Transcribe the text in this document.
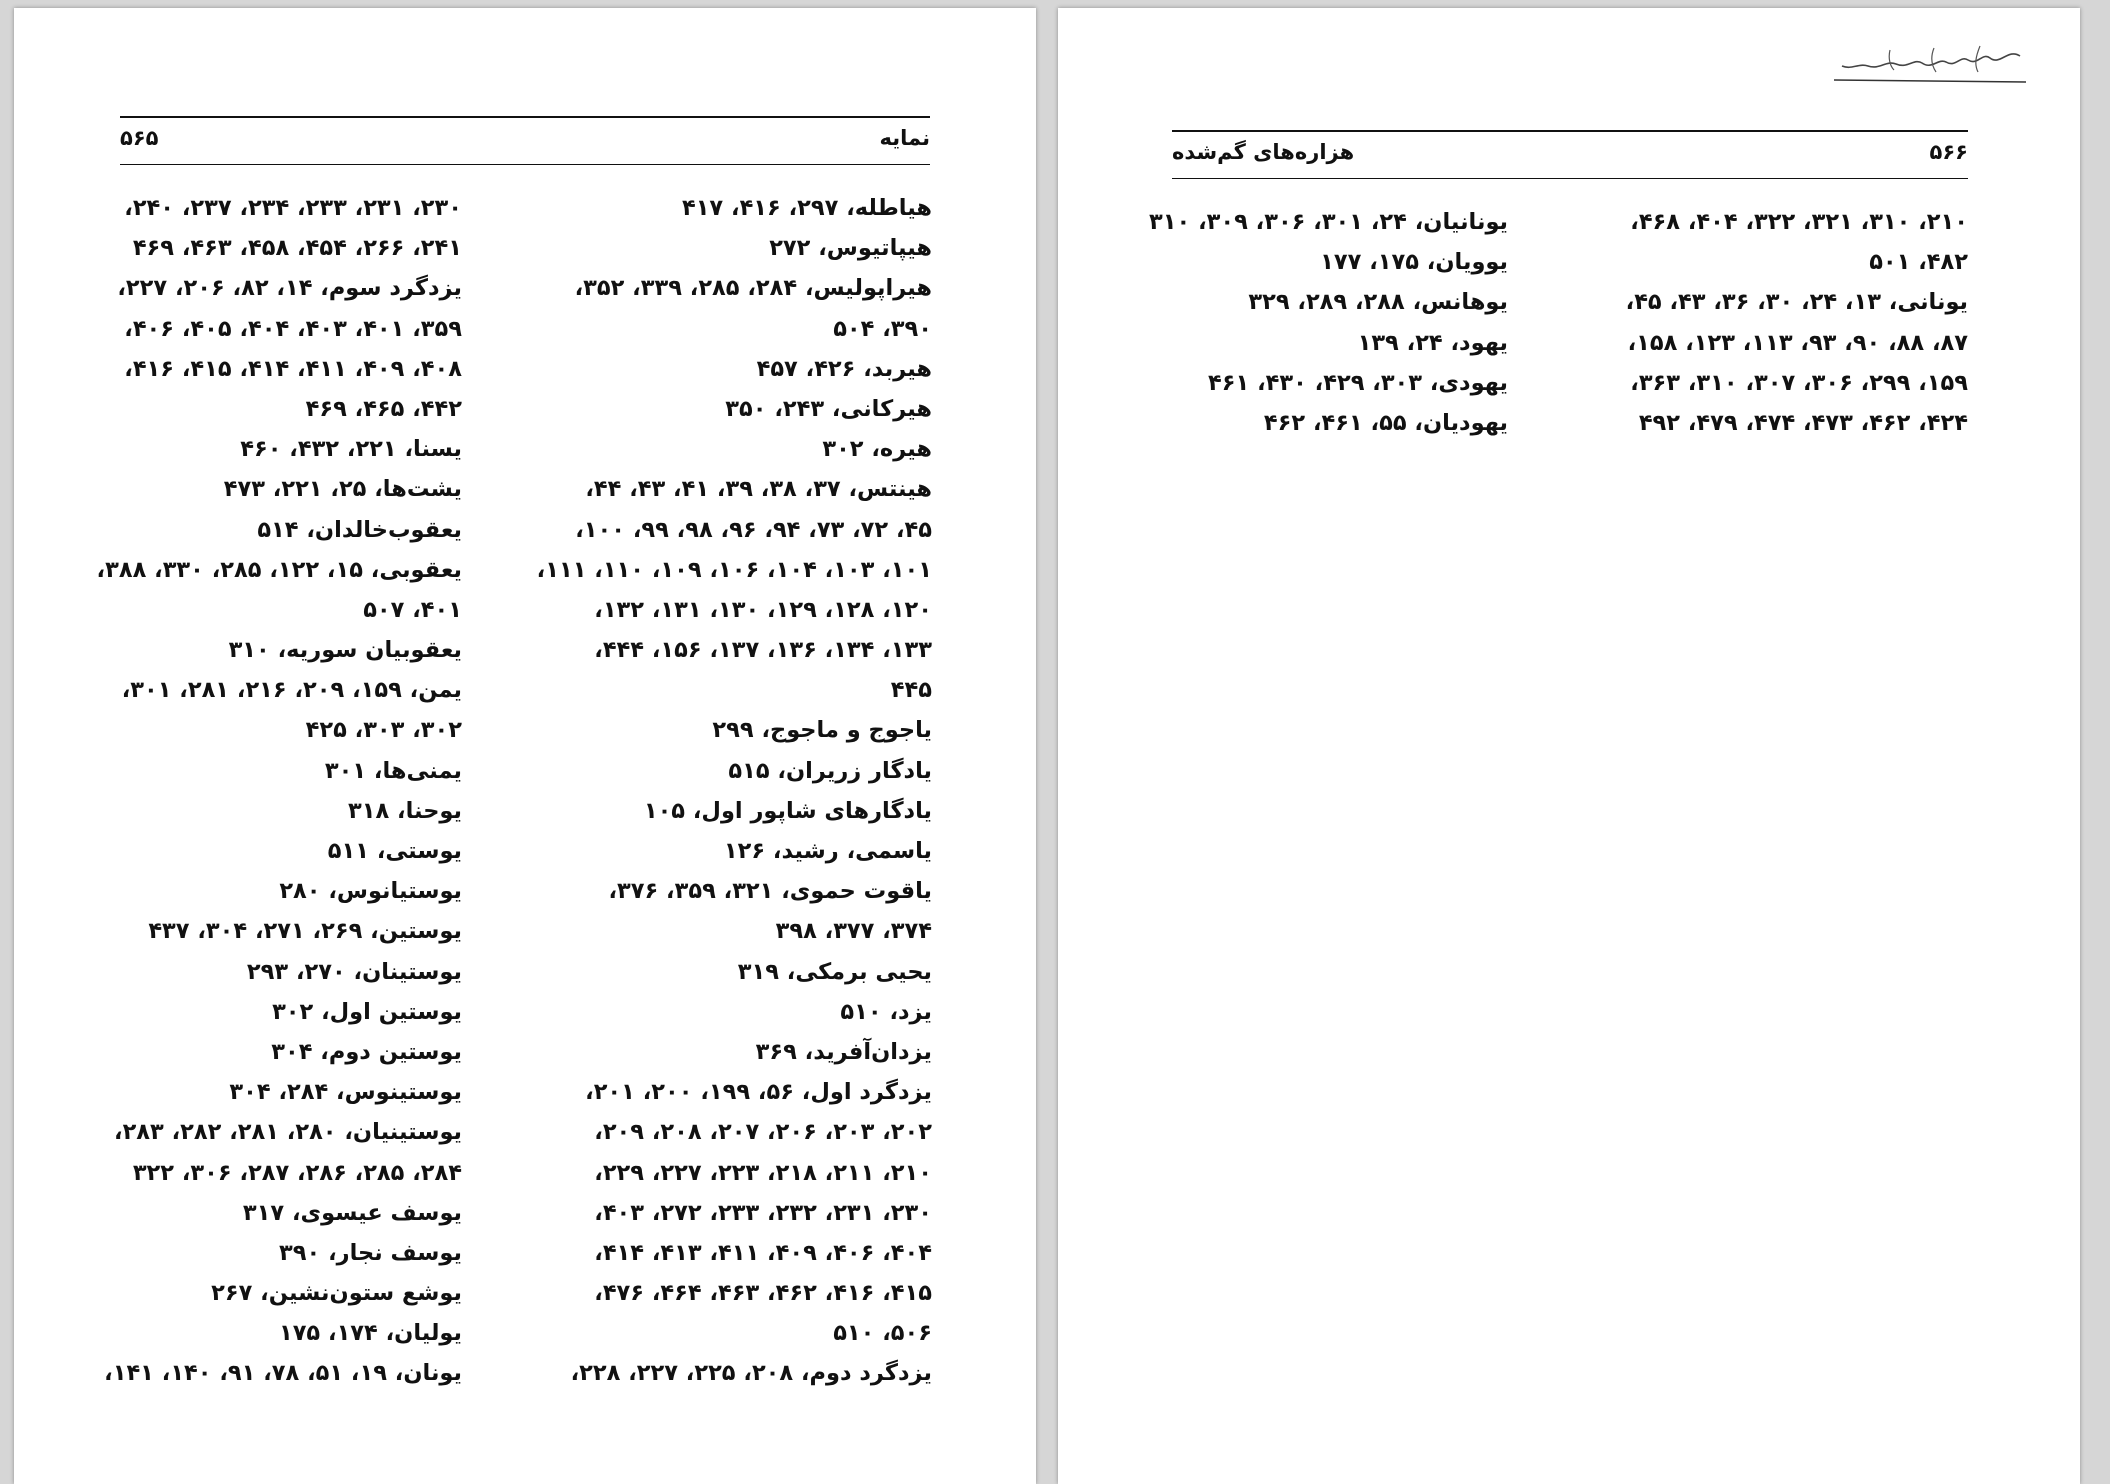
۵۶۵	نمایه
هیاطله، ۲۹۷، ۴۱۶، ۴۱۷
هیپاتیوس، ۲۷۲
هیراپولیس، ۲۸۴، ۲۸۵، ۳۳۹، ۳۵۲،
۳۹۰، ۵۰۴
هیربد، ۴۲۶، ۴۵۷
هیرکانی، ۲۴۳، ۳۵۰
هیره، ۳۰۲
هینتس، ۳۷، ۳۸، ۳۹، ۴۱، ۴۳، ۴۴،
۴۵، ۷۲، ۷۳، ۹۴، ۹۶، ۹۸، ۹۹، ۱۰۰،
۱۰۱، ۱۰۳، ۱۰۴، ۱۰۶، ۱۰۹، ۱۱۰، ۱۱۱،
۱۲۰، ۱۲۸، ۱۲۹، ۱۳۰، ۱۳۱، ۱۳۲،
۱۳۳، ۱۳۴، ۱۳۶، ۱۳۷، ۱۵۶، ۴۴۴،
۴۴۵
یاجوج و ماجوج، ۲۹۹
یادگار زریران، ۵۱۵
یادگارهای شاپور اول، ۱۰۵
یاسمی، رشید، ۱۲۶
یاقوت حموی، ۳۲۱، ۳۵۹، ۳۷۶،
۳۷۴، ۳۷۷، ۳۹۸
یحیی برمکی، ۳۱۹
یزد، ۵۱۰
یزدان‌آفرید، ۳۶۹
یزدگرد اول، ۵۶، ۱۹۹، ۲۰۰، ۲۰۱،
۲۰۲، ۲۰۳، ۲۰۶، ۲۰۷، ۲۰۸، ۲۰۹،
۲۱۰، ۲۱۱، ۲۱۸، ۲۲۳، ۲۲۷، ۲۲۹،
۲۳۰، ۲۳۱، ۲۳۲، ۲۳۳، ۲۷۲، ۴۰۳،
۴۰۴، ۴۰۶، ۴۰۹، ۴۱۱، ۴۱۳، ۴۱۴،
۴۱۵، ۴۱۶، ۴۶۲، ۴۶۳، ۴۶۴، ۴۷۶،
۵۰۶، ۵۱۰
یزدگرد دوم، ۲۰۸، ۲۲۵، ۲۲۷، ۲۲۸،
۲۳۰، ۲۳۱، ۲۳۳، ۲۳۴، ۲۳۷، ۲۴۰،
۲۴۱، ۲۶۶، ۴۵۴، ۴۵۸، ۴۶۳، ۴۶۹
یزدگرد سوم، ۱۴، ۸۲، ۲۰۶، ۲۲۷،
۳۵۹، ۴۰۱، ۴۰۳، ۴۰۴، ۴۰۵، ۴۰۶،
۴۰۸، ۴۰۹، ۴۱۱، ۴۱۴، ۴۱۵، ۴۱۶،
۴۴۲، ۴۶۵، ۴۶۹
یسنا، ۲۲۱، ۴۳۲، ۴۶۰
یشت‌ها، ۲۵، ۲۲۱، ۴۷۳
یعقوب‌خالدان، ۵۱۴
یعقوبی، ۱۵، ۱۲۲، ۲۸۵، ۳۳۰، ۳۸۸،
۴۰۱، ۵۰۷
یعقوبیان سوریه، ۳۱۰
یمن، ۱۵۹، ۲۰۹، ۲۱۶، ۲۸۱، ۳۰۱،
۳۰۲، ۳۰۳، ۴۲۵
یمنی‌ها، ۳۰۱
یوحنا، ۳۱۸
یوستی، ۵۱۱
یوستیانوس، ۲۸۰
یوستین، ۲۶۹، ۲۷۱، ۳۰۴، ۴۳۷
یوستینان، ۲۷۰، ۲۹۳
یوستین اول، ۳۰۲
یوستین دوم، ۳۰۴
یوستینوس، ۲۸۴، ۳۰۴
یوستینیان، ۲۸۰، ۲۸۱، ۲۸۲، ۲۸۳،
۲۸۴، ۲۸۵، ۲۸۶، ۲۸۷، ۳۰۶، ۳۲۲
یوسف عیسوی، ۳۱۷
یوسف نجار، ۳۹۰
یوشع ستون‌نشین، ۲۶۷
یولیان، ۱۷۴، ۱۷۵
یونان، ۱۹، ۵۱، ۷۸، ۹۱، ۱۴۰، ۱۴۱،
۵۶۶
هزاره‌های گم‌شده
۲۱۰، ۳۱۰، ۳۲۱، ۳۲۲، ۴۰۴، ۴۶۸،
۴۸۲، ۵۰۱
یونانی، ۱۳، ۲۴، ۳۰، ۳۶، ۴۳، ۴۵،
۸۷، ۸۸، ۹۰، ۹۳، ۱۱۳، ۱۲۳، ۱۵۸،
۱۵۹، ۲۹۹، ۳۰۶، ۳۰۷، ۳۱۰، ۳۶۳،
۴۲۴، ۴۶۲، ۴۷۳، ۴۷۴، ۴۷۹، ۴۹۲
یونانیان، ۲۴، ۳۰۱، ۳۰۶، ۳۰۹، ۳۱۰
یوویان، ۱۷۵، ۱۷۷
یوهانس، ۲۸۸، ۲۸۹، ۳۲۹
یهود، ۲۴، ۱۳۹
یهودی، ۳۰۳، ۴۲۹، ۴۳۰، ۴۶۱
یهودیان، ۵۵، ۴۶۱، ۴۶۲
